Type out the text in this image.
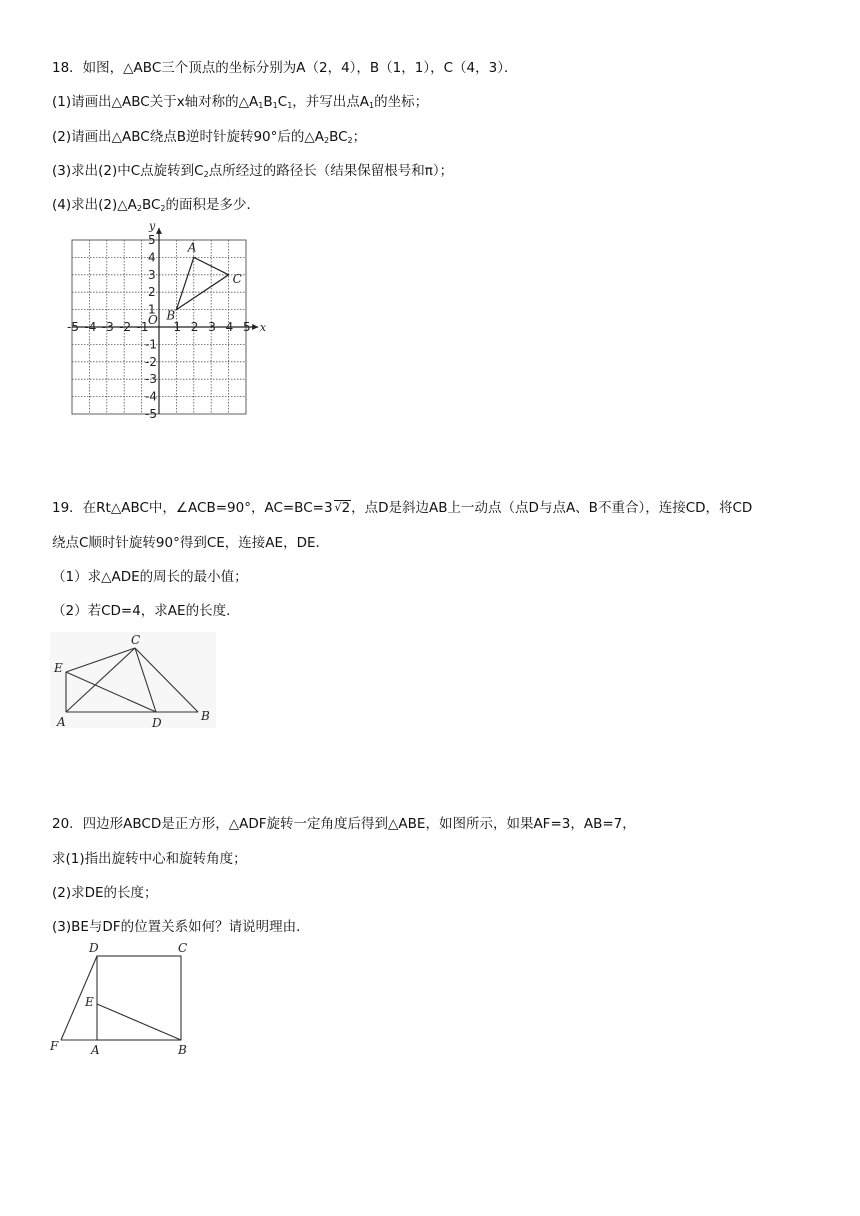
18．如图，△ABC三个顶点的坐标分别为A（2，4），B（1，1），C（4，3）．
(1)请画出△ABC关于x轴对称的$\triangle A_1B_1C_1$，并写出点$A_1$的坐标；
(2)请画出△ABC绕点B逆时针旋转90°后的$\triangle A_2BC_2$；
(3)求出(2)中C点旋转到$C_2$点所经过的路径长（结果保留根号和π）；
(4)求出$(2)\triangle A_2BC_2$的面积是多少．
x
y
O
-5 -4 -3 -2 -1 1 2 3 4 5
5
4
3
2
1
-1
-2
-3
-4
-5
A
B
C
19．在Rt△ABC中，∠ACB=90°，AC=BC=3 √2，点D是斜边AB上一动点（点D与点A、B不重合），连接CD，将CD
绕点C顺时针旋转90°得到CE，连接AE，DE．
（1）求△ADE的周长的最小值；
（2）若CD=4，求AE的长度．
E
C
A	D	B
20．四边形ABCD是正方形，△ADF旋转一定角度后得到△ABE，如图所示，如果AF=3，AB=7，
求(1)指出旋转中心和旋转角度；
(2)求DE的长度；
(3)BE与DF的位置关系如何？请说明理由．
D	C
E
F	A	B
